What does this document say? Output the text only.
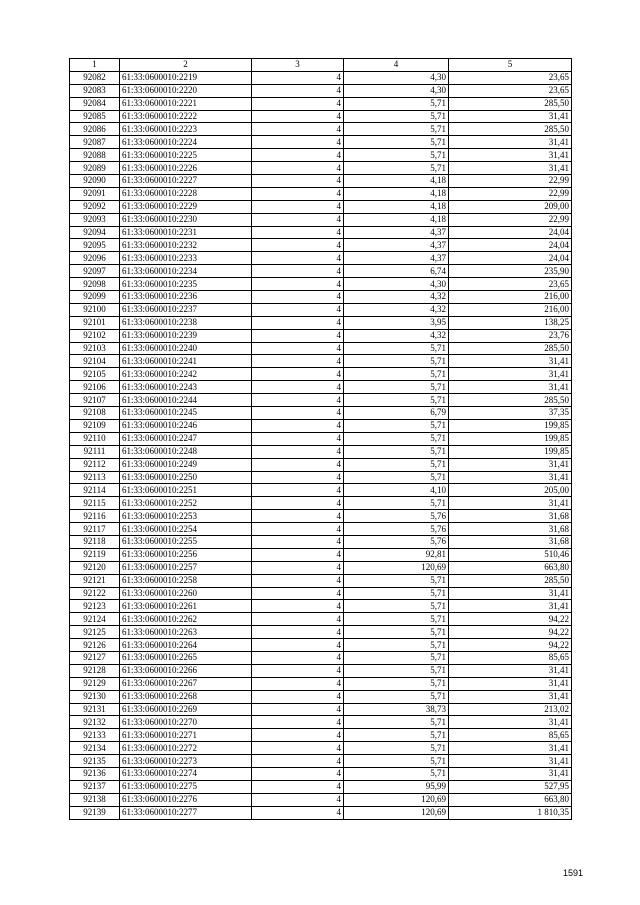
1	2	3	4	5
92082	61:33:0600010:2219	4	4,30	23,65
92083	61:33:0600010:2220	4	4,30	23,65
92084	61:33:0600010:2221	4	5,71	285,50
92085	61:33:0600010:2222	4	5,71	31,41
92086	61:33:0600010:2223	4	5,71	285,50
92087	61:33:0600010:2224	4	5,71	31,41
92088	61:33:0600010:2225	4	5,71	31,41
92089	61:33:0600010:2226	4	5,71	31,41
92090	61:33:0600010:2227	4	4,18	22,99
92091	61:33:0600010:2228	4	4,18	22,99
92092	61:33:0600010:2229	4	4,18	209,00
92093	61:33:0600010:2230	4	4,18	22,99
92094	61:33:0600010:2231	4	4,37	24,04
92095	61:33:0600010:2232	4	4,37	24,04
92096	61:33:0600010:2233	4	4,37	24,04
92097	61:33:0600010:2234	4	6,74	235,90
92098	61:33:0600010:2235	4	4,30	23,65
92099	61:33:0600010:2236	4	4,32	216,00
92100	61:33:0600010:2237	4	4,32	216,00
92101	61:33:0600010:2238	4	3,95	138,25
92102	61:33:0600010:2239	4	4,32	23,76
92103	61:33:0600010:2240	4	5,71	285,50
92104	61:33:0600010:2241	4	5,71	31,41
92105	61:33:0600010:2242	4	5,71	31,41
92106	61:33:0600010:2243	4	5,71	31,41
92107	61:33:0600010:2244	4	5,71	285,50
92108	61:33:0600010:2245	4	6,79	37,35
92109	61:33:0600010:2246	4	5,71	199,85
92110	61:33:0600010:2247	4	5,71	199,85
92111	61:33:0600010:2248	4	5,71	199,85
92112	61:33:0600010:2249	4	5,71	31,41
92113	61:33:0600010:2250	4	5,71	31,41
92114	61:33:0600010:2251	4	4,10	205,00
92115	61:33:0600010:2252	4	5,71	31,41
92116	61:33:0600010:2253	4	5,76	31,68
92117	61:33:0600010:2254	4	5,76	31,68
92118	61:33:0600010:2255	4	5,76	31,68
92119	61:33:0600010:2256	4	92,81	510,46
92120	61:33:0600010:2257	4	120,69	663,80
92121	61:33:0600010:2258	4	5,71	285,50
92122	61:33:0600010:2260	4	5,71	31,41
92123	61:33:0600010:2261	4	5,71	31,41
92124	61:33:0600010:2262	4	5,71	94,22
92125	61:33:0600010:2263	4	5,71	94,22
92126	61:33:0600010:2264	4	5,71	94,22
92127	61:33:0600010:2265	4	5,71	85,65
92128	61:33:0600010:2266	4	5,71	31,41
92129	61:33:0600010:2267	4	5,71	31,41
92130	61:33:0600010:2268	4	5,71	31,41
92131	61:33:0600010:2269	4	38,73	213,02
92132	61:33:0600010:2270	4	5,71	31,41
92133	61:33:0600010:2271	4	5,71	85,65
92134	61:33:0600010:2272	4	5,71	31,41
92135	61:33:0600010:2273	4	5,71	31,41
92136	61:33:0600010:2274	4	5,71	31,41
92137	61:33:0600010:2275	4	95,99	527,95
92138	61:33:0600010:2276	4	120,69	663,80
92139	61:33:0600010:2277	4	120,69	1 810,35
1591
